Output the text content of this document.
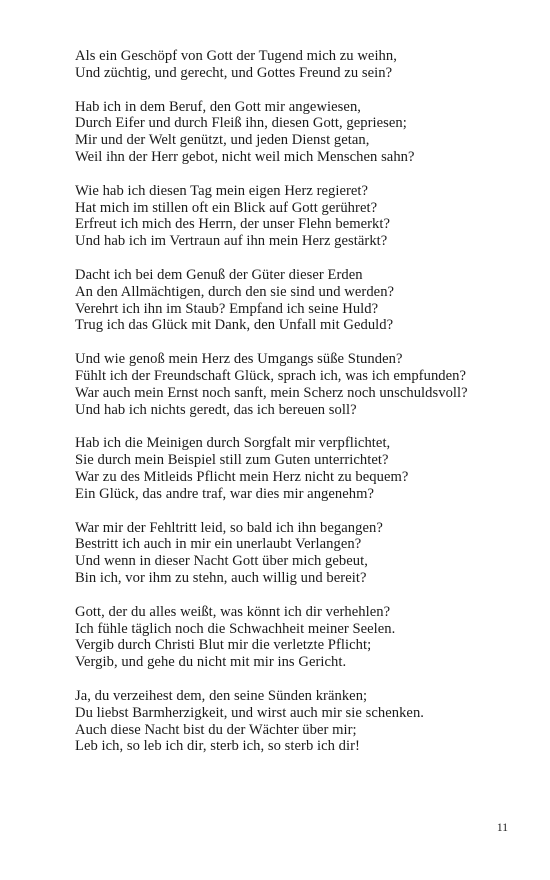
Als ein Geschöpf von Gott der Tugend mich zu weihn,
Und züchtig, und gerecht, und Gottes Freund zu sein?
Hab ich in dem Beruf, den Gott mir angewiesen,
Durch Eifer und durch Fleiß ihn, diesen Gott, gepriesen;
Mir und der Welt genützt, und jeden Dienst getan,
Weil ihn der Herr gebot, nicht weil mich Menschen sahn?
Wie hab ich diesen Tag mein eigen Herz regieret?
Hat mich im stillen oft ein Blick auf Gott gerühret?
Erfreut ich mich des Herrn, der unser Flehn bemerkt?
Und hab ich im Vertraun auf ihn mein Herz gestärkt?
Dacht ich bei dem Genuß der Güter dieser Erden
An den Allmächtigen, durch den sie sind und werden?
Verehrt ich ihn im Staub? Empfand ich seine Huld?
Trug ich das Glück mit Dank, den Unfall mit Geduld?
Und wie genoß mein Herz des Umgangs süße Stunden?
Fühlt ich der Freundschaft Glück, sprach ich, was ich empfunden?
War auch mein Ernst noch sanft, mein Scherz noch unschuldsvoll?
Und hab ich nichts geredt, das ich bereuen soll?
Hab ich die Meinigen durch Sorgfalt mir verpflichtet,
Sie durch mein Beispiel still zum Guten unterrichtet?
War zu des Mitleids Pflicht mein Herz nicht zu bequem?
Ein Glück, das andre traf, war dies mir angenehm?
War mir der Fehltritt leid, so bald ich ihn begangen?
Bestritt ich auch in mir ein unerlaubt Verlangen?
Und wenn in dieser Nacht Gott über mich gebeut,
Bin ich, vor ihm zu stehn, auch willig und bereit?
Gott, der du alles weißt, was könnt ich dir verhehlen?
Ich fühle täglich noch die Schwachheit meiner Seelen.
Vergib durch Christi Blut mir die verletzte Pflicht;
Vergib, und gehe du nicht mit mir ins Gericht.
Ja, du verzeihest dem, den seine Sünden kränken;
Du liebst Barmherzigkeit, und wirst auch mir sie schenken.
Auch diese Nacht bist du der Wächter über mir;
Leb ich, so leb ich dir, sterb ich, so sterb ich dir!
11
